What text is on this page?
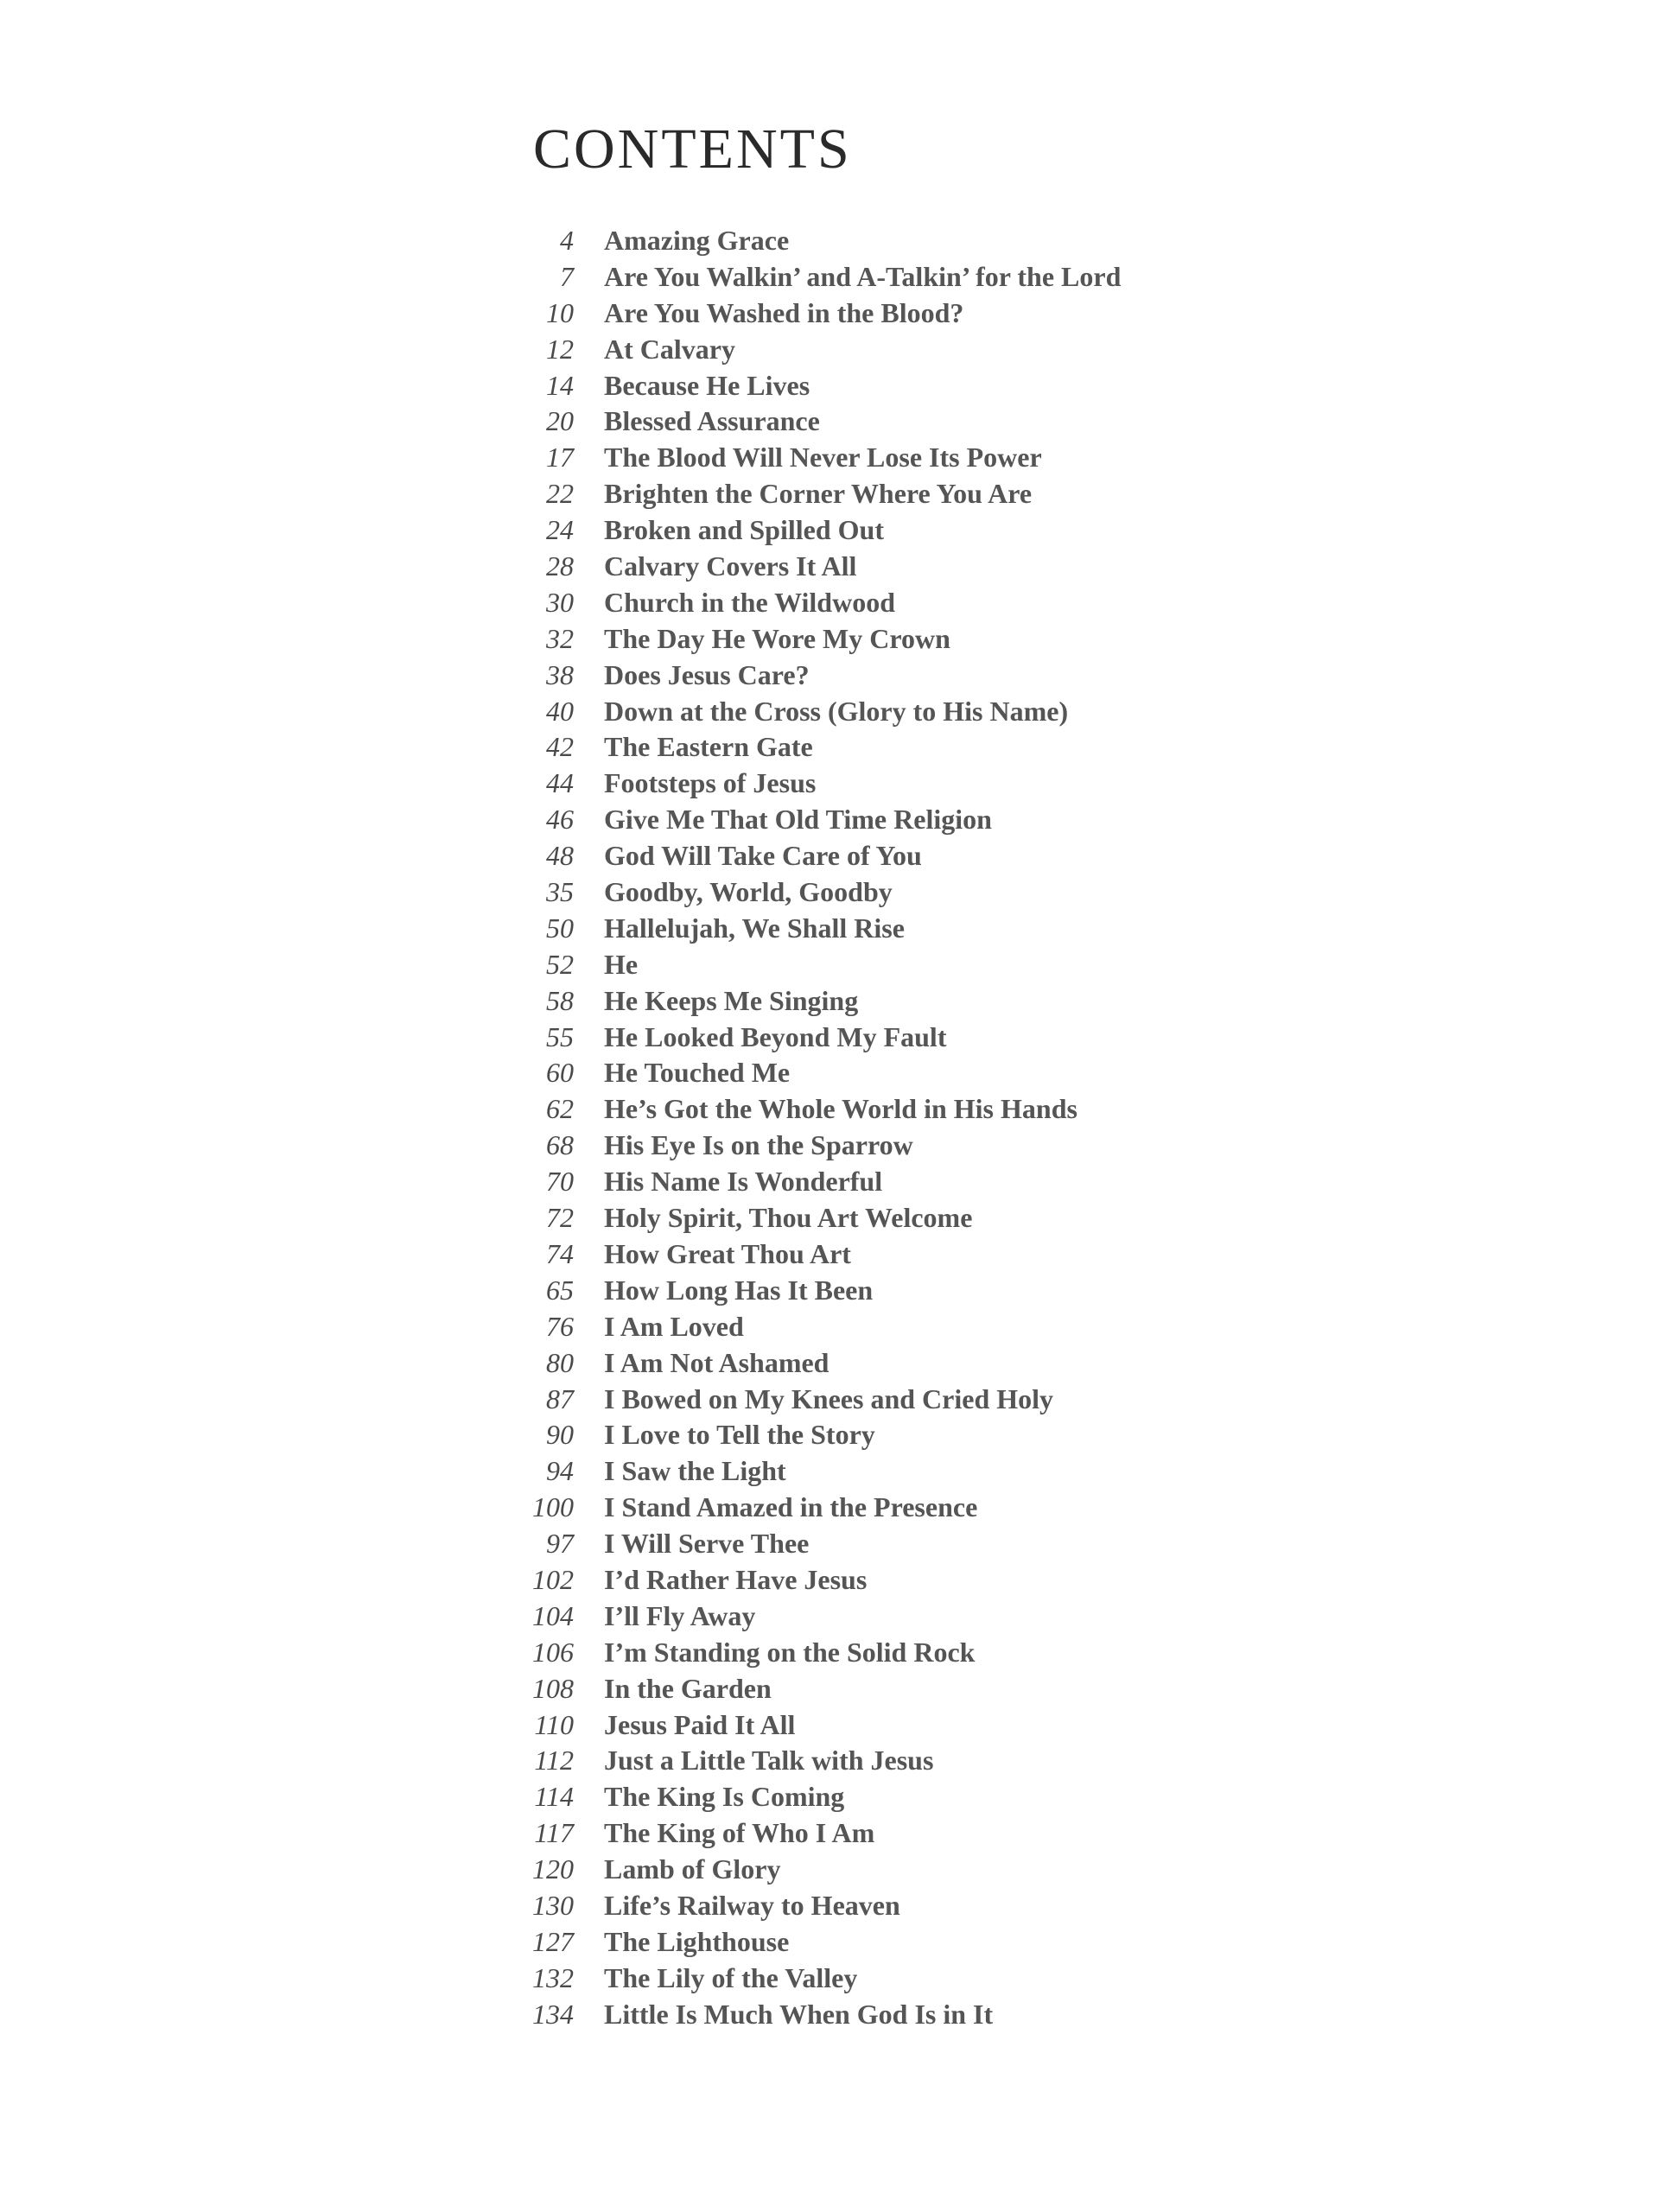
CONTENTS
4 Amazing Grace
7 Are You Walkin’ and A-Talkin’ for the Lord
10 Are You Washed in the Blood?
12 At Calvary
14 Because He Lives
20 Blessed Assurance
17 The Blood Will Never Lose Its Power
22 Brighten the Corner Where You Are
24 Broken and Spilled Out
28 Calvary Covers It All
30 Church in the Wildwood
32 The Day He Wore My Crown
38 Does Jesus Care?
40 Down at the Cross (Glory to His Name)
42 The Eastern Gate
44 Footsteps of Jesus
46 Give Me That Old Time Religion
48 God Will Take Care of You
35 Goodby, World, Goodby
50 Hallelujah, We Shall Rise
52 He
58 He Keeps Me Singing
55 He Looked Beyond My Fault
60 He Touched Me
62 He’s Got the Whole World in His Hands
68 His Eye Is on the Sparrow
70 His Name Is Wonderful
72 Holy Spirit, Thou Art Welcome
74 How Great Thou Art
65 How Long Has It Been
76 I Am Loved
80 I Am Not Ashamed
87 I Bowed on My Knees and Cried Holy
90 I Love to Tell the Story
94 I Saw the Light
100 I Stand Amazed in the Presence
97 I Will Serve Thee
102 I’d Rather Have Jesus
104 I’ll Fly Away
106 I’m Standing on the Solid Rock
108 In the Garden
110 Jesus Paid It All
112 Just a Little Talk with Jesus
114 The King Is Coming
117 The King of Who I Am
120 Lamb of Glory
130 Life’s Railway to Heaven
127 The Lighthouse
132 The Lily of the Valley
134 Little Is Much When God Is in It
